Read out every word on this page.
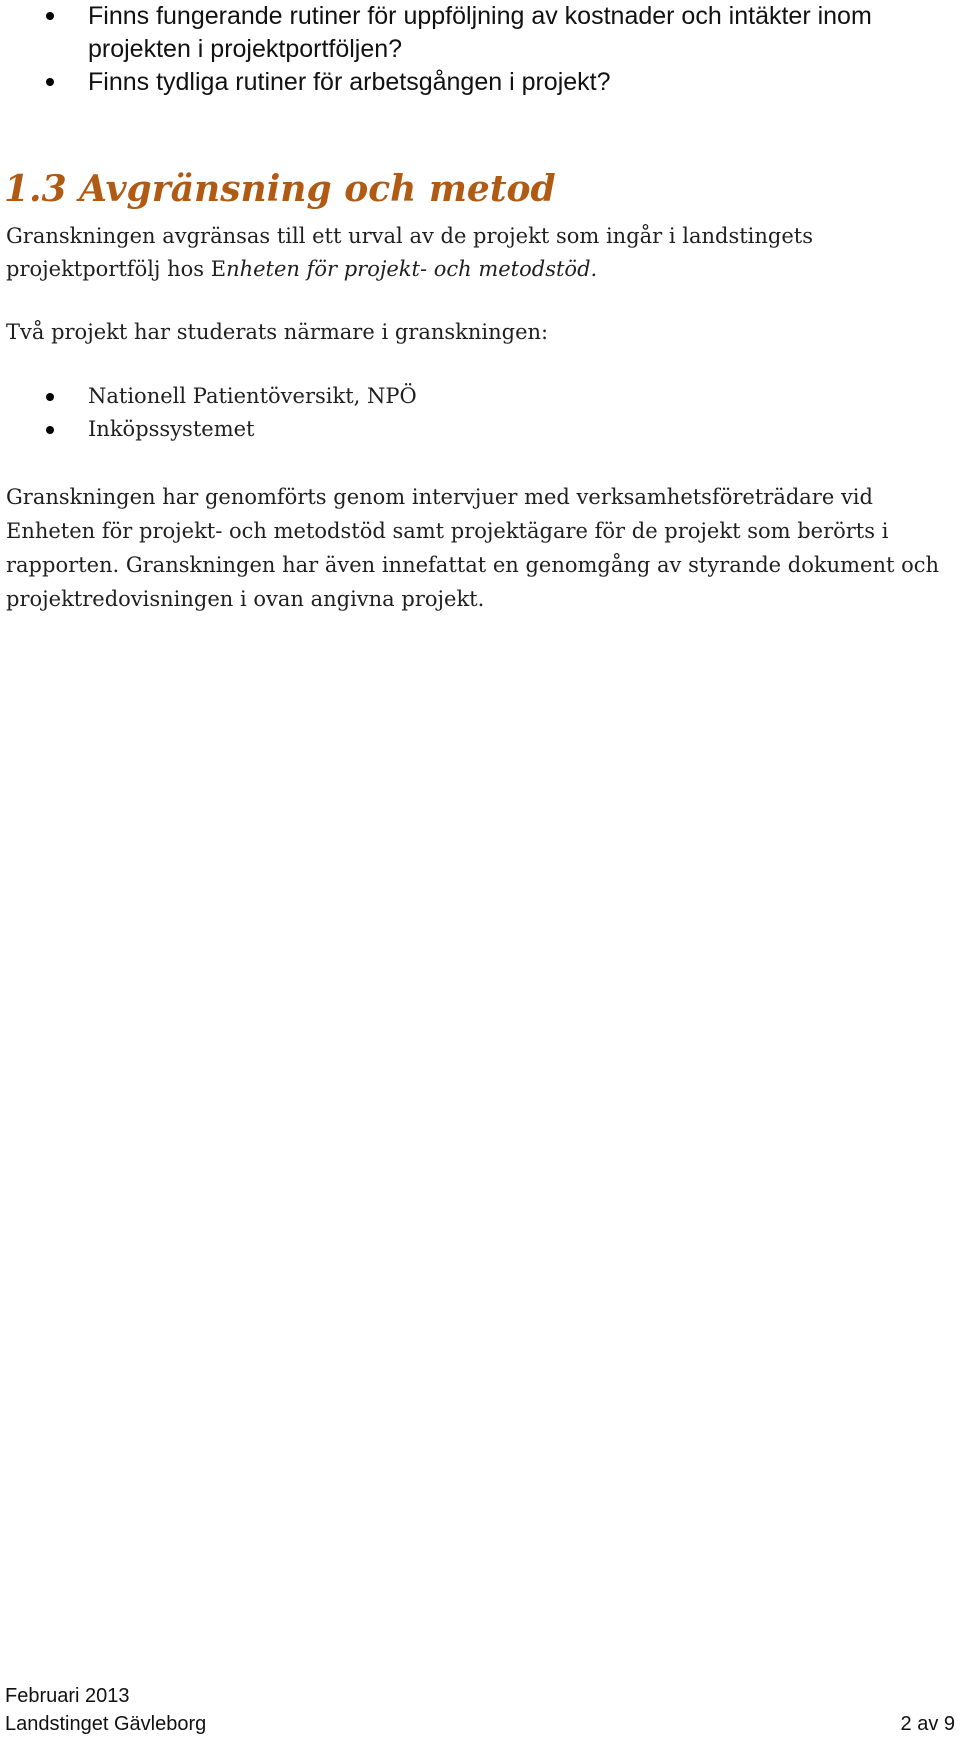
Finns fungerande rutiner för uppföljning av kostnader och intäkter inom projekten i projektportföljen?
Finns tydliga rutiner för arbetsgången i projekt?
1.3 Avgränsning och metod

Granskningen avgränsas till ett urval av de projekt som ingår i landstingets projektportfölj hos Enheten för projekt- och metodstöd.

Två projekt har studerats närmare i granskningen:

Nationell Patientöversikt, NPÖ
Inköpssystemet

Granskningen har genomförts genom intervjuer med verksamhetsföreträdare vid Enheten för projekt- och metodstöd samt projektägare för de projekt som berörts i rapporten. Granskningen har även innefattat en genomgång av styrande dokument och projektredovisningen i ovan angivna projekt.

Februari 2013
Landstinget Gävleborg	2 av 9
